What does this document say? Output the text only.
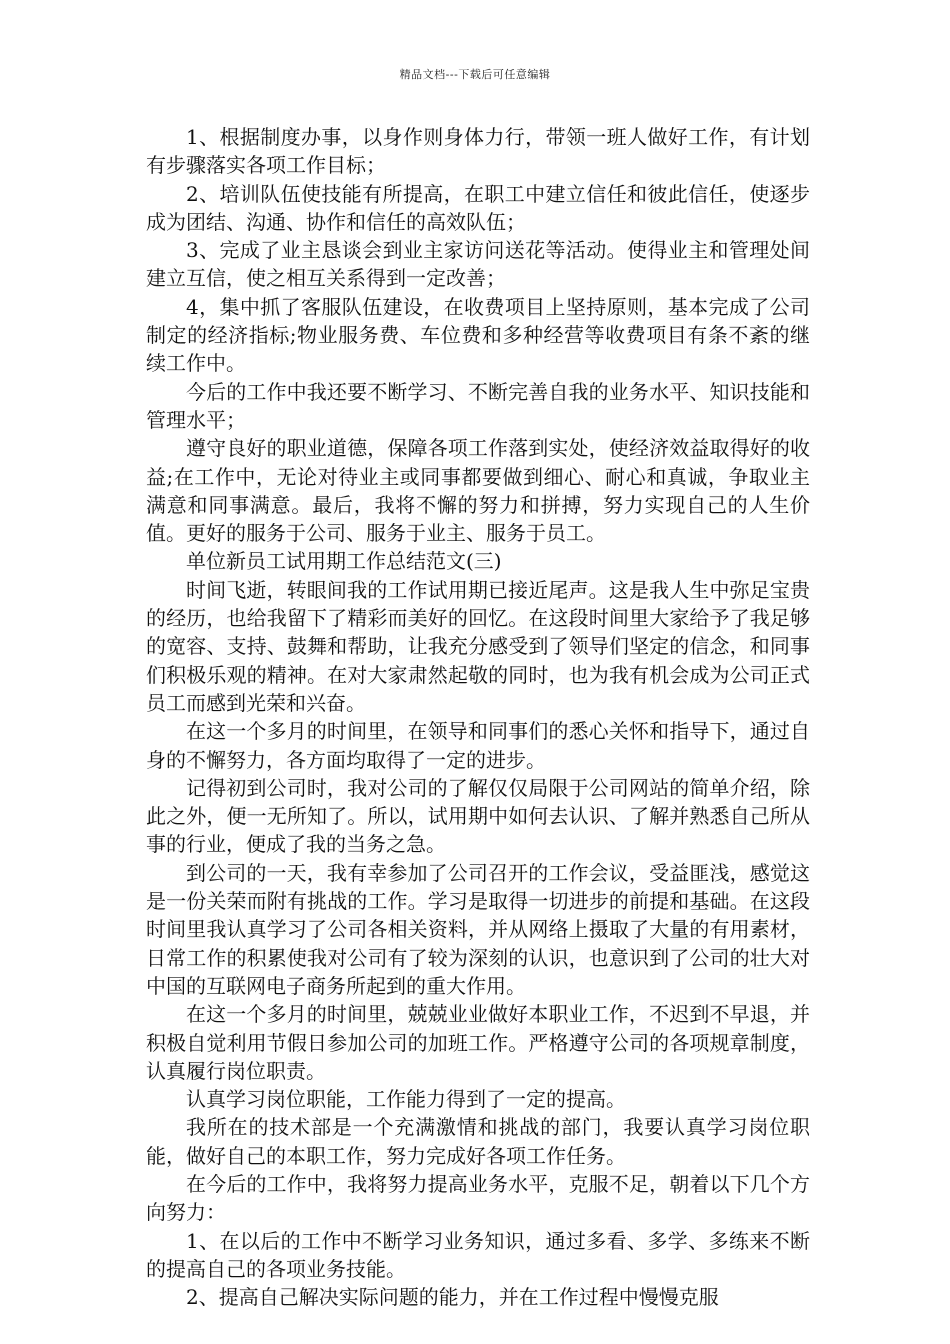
精品文档---下载后可任意编辑

1、根据制度办事，以身作则身体力行，带领一班人做好工作，有计划有步骤落实各项工作目标；

2、培训队伍使技能有所提高，在职工中建立信任和彼此信任，使逐步成为团结、沟通、协作和信任的高效队伍；

3、完成了业主恳谈会到业主家访问送花等活动。使得业主和管理处间建立互信，使之相互关系得到一定改善；

4，集中抓了客服队伍建设，在收费项目上坚持原则，基本完成了公司制定的经济指标;物业服务费、车位费和多种经营等收费项目有条不紊的继续工作中。

今后的工作中我还要不断学习、不断完善自我的业务水平、知识技能和管理水平；

遵守良好的职业道德，保障各项工作落到实处，使经济效益取得好的收益;在工作中，无论对待业主或同事都要做到细心、耐心和真诚，争取业主满意和同事满意。最后，我将不懈的努力和拼搏，努力实现自己的人生价值。更好的服务于公司、服务于业主、服务于员工。

单位新员工试用期工作总结范文(三)

时间飞逝，转眼间我的工作试用期已接近尾声。这是我人生中弥足宝贵的经历，也给我留下了精彩而美好的回忆。在这段时间里大家给予了我足够的宽容、支持、鼓舞和帮助，让我充分感受到了领导们坚定的信念，和同事们积极乐观的精神。在对大家肃然起敬的同时，也为我有机会成为公司正式员工而感到光荣和兴奋。

在这一个多月的时间里，在领导和同事们的悉心关怀和指导下，通过自身的不懈努力，各方面均取得了一定的进步。

记得初到公司时，我对公司的了解仅仅局限于公司网站的简单介绍，除此之外，便一无所知了。所以，试用期中如何去认识、了解并熟悉自己所从事的行业，便成了我的当务之急。

到公司的一天，我有幸参加了公司召开的工作会议，受益匪浅，感觉这是一份关荣而附有挑战的工作。学习是取得一切进步的前提和基础。在这段时间里我认真学习了公司各相关资料，并从网络上摄取了大量的有用素材，日常工作的积累使我对公司有了较为深刻的认识，也意识到了公司的壮大对中国的互联网电子商务所起到的重大作用。

在这一个多月的时间里，兢兢业业做好本职业工作，不迟到不早退，并积极自觉利用节假日参加公司的加班工作。严格遵守公司的各项规章制度，认真履行岗位职责。

认真学习岗位职能，工作能力得到了一定的提高。

我所在的技术部是一个充满激情和挑战的部门，我要认真学习岗位职能，做好自己的本职工作，努力完成好各项工作任务。

在今后的工作中，我将努力提高业务水平，克服不足，朝着以下几个方向努力：

1、在以后的工作中不断学习业务知识，通过多看、多学、多练来不断的提高自己的各项业务技能。

2、提高自己解决实际问题的能力，并在工作过程中慢慢克服
